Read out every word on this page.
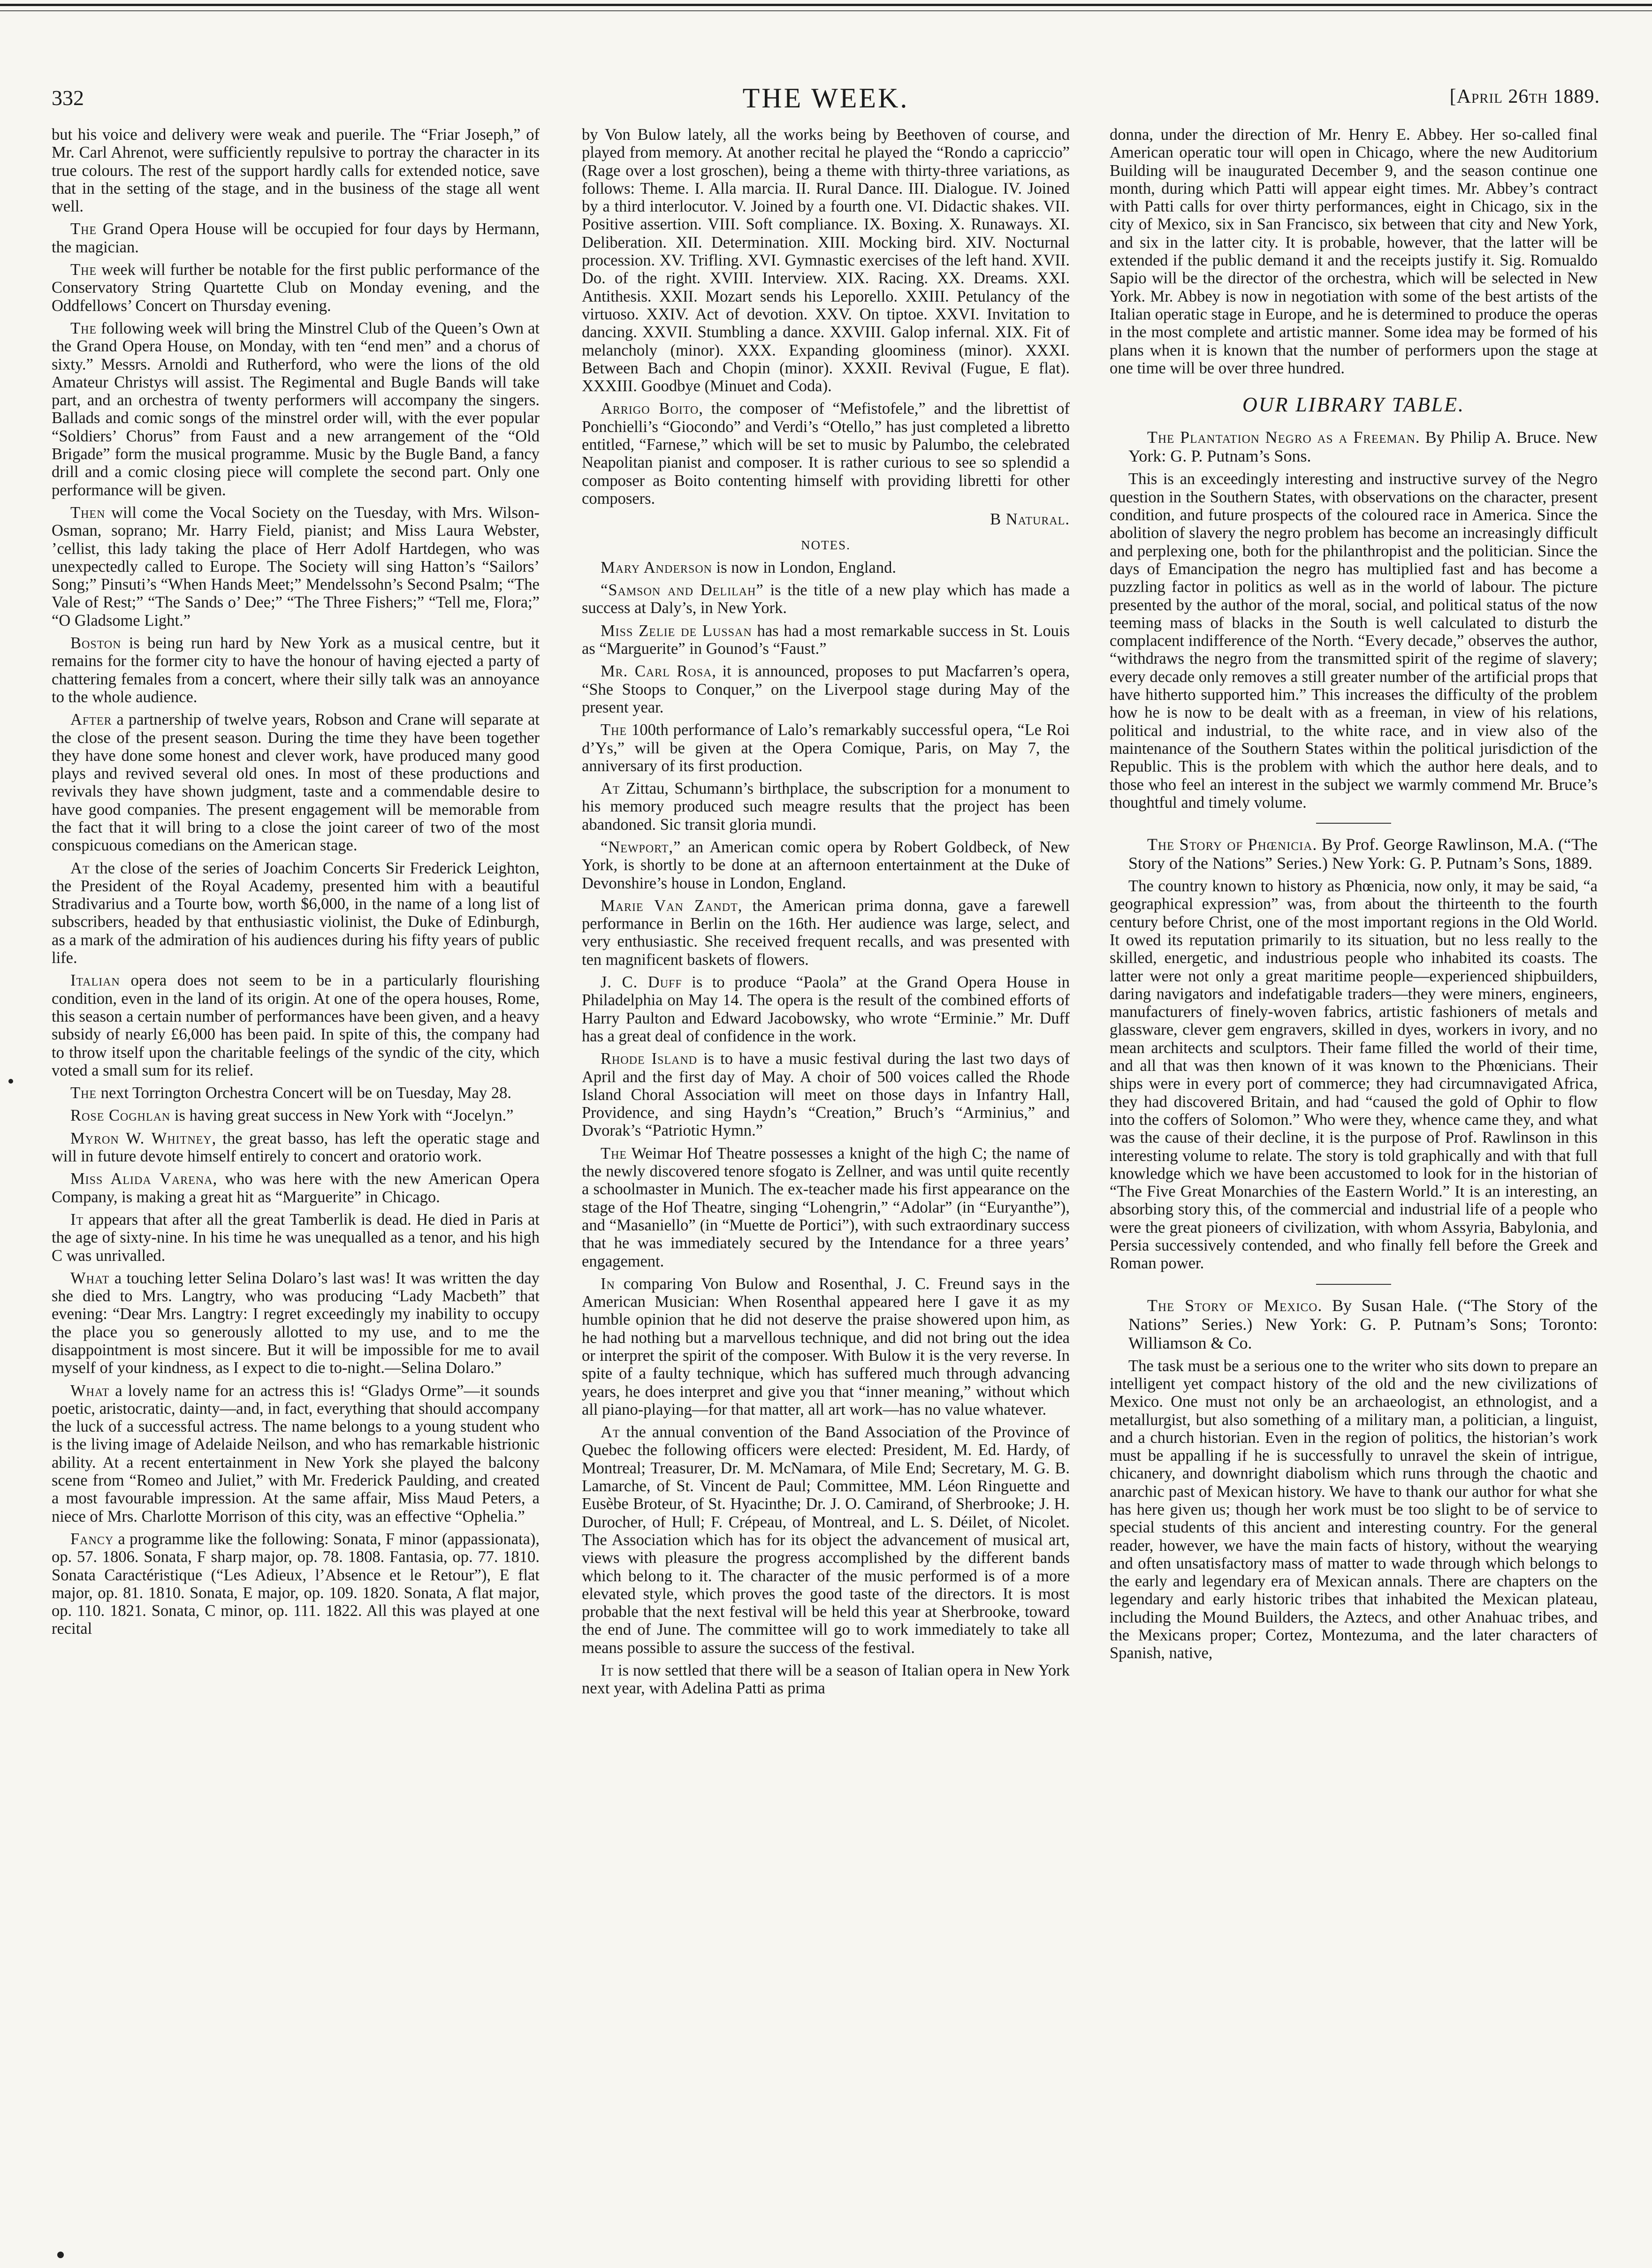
332	THE WEEK.	[April 26th 1889.

but his voice and delivery were weak and puerile. The “Friar Joseph,” of Mr. Carl Ahrenot, were sufficiently repulsive to portray the character in its true colours. The rest of the support hardly calls for extended notice, save that in the setting of the stage, and in the business of the stage all went well.

The Grand Opera House will be occupied for four days by Hermann, the magician.

The week will further be notable for the first public performance of the Conservatory String Quartette Club on Monday evening, and the Oddfellows’ Concert on Thursday evening.

The following week will bring the Minstrel Club of the Queen’s Own at the Grand Opera House, on Monday, with ten “end men” and a chorus of sixty.” Messrs. Arnoldi and Rutherford, who were the lions of the old Amateur Christys will assist. The Regimental and Bugle Bands will take part, and an orchestra of twenty performers will accompany the singers. Ballads and comic songs of the minstrel order will, with the ever popular “Soldiers’ Chorus” from Faust and a new arrangement of the “Old Brigade” form the musical programme. Music by the Bugle Band, a fancy drill and a comic closing piece will complete the second part. Only one performance will be given.

Then will come the Vocal Society on the Tuesday, with Mrs. Wilson-Osman, soprano; Mr. Harry Field, pianist; and Miss Laura Webster, ’cellist, this lady taking the place of Herr Adolf Hartdegen, who was unexpectedly called to Europe. The Society will sing Hatton’s “Sailors’ Song;” Pinsuti’s “When Hands Meet;” Mendelssohn’s Second Psalm; “The Vale of Rest;” “The Sands o’ Dee;” “The Three Fishers;” “Tell me, Flora;” “O Gladsome Light.”

Boston is being run hard by New York as a musical centre, but it remains for the former city to have the honour of having ejected a party of chattering females from a concert, where their silly talk was an annoyance to the whole audience.

After a partnership of twelve years, Robson and Crane will separate at the close of the present season. During the time they have been together they have done some honest and clever work, have produced many good plays and revived several old ones. In most of these productions and revivals they have shown judgment, taste and a commendable desire to have good companies. The present engagement will be memorable from the fact that it will bring to a close the joint career of two of the most conspicuous comedians on the American stage.

At the close of the series of Joachim Concerts Sir Frederick Leighton, the President of the Royal Academy, presented him with a beautiful Stradivarius and a Tourte bow, worth $6,000, in the name of a long list of subscribers, headed by that enthusiastic violinist, the Duke of Edinburgh, as a mark of the admiration of his audiences during his fifty years of public life.

Italian opera does not seem to be in a particularly flourishing condition, even in the land of its origin. At one of the opera houses, Rome, this season a certain number of performances have been given, and a heavy subsidy of nearly £6,000 has been paid. In spite of this, the company had to throw itself upon the charitable feelings of the syndic of the city, which voted a small sum for its relief.

The next Torrington Orchestra Concert will be on Tuesday, May 28.

Rose Coghlan is having great success in New York with “Jocelyn.”

Myron W. Whitney, the great basso, has left the operatic stage and will in future devote himself entirely to concert and oratorio work.

Miss Alida Varena, who was here with the new American Opera Company, is making a great hit as “Marguerite” in Chicago.

It appears that after all the great Tamberlik is dead. He died in Paris at the age of sixty-nine. In his time he was unequalled as a tenor, and his high C was unrivalled.

What a touching letter Selina Dolaro’s last was! It was written the day she died to Mrs. Langtry, who was producing “Lady Macbeth” that evening: “Dear Mrs. Langtry: I regret exceedingly my inability to occupy the place you so generously allotted to my use, and to me the disappointment is most sincere. But it will be impossible for me to avail myself of your kindness, as I expect to die to-night.—Selina Dolaro.”

What a lovely name for an actress this is! “Gladys Orme”—it sounds poetic, aristocratic, dainty—and, in fact, everything that should accompany the luck of a successful actress. The name belongs to a young student who is the living image of Adelaide Neilson, and who has remarkable histrionic ability. At a recent entertainment in New York she played the balcony scene from “Romeo and Juliet,” with Mr. Frederick Paulding, and created a most favourable impression. At the same affair, Miss Maud Peters, a niece of Mrs. Charlotte Morrison of this city, was an effective “Ophelia.”

Fancy a programme like the following: Sonata, F minor (appassionata), op. 57. 1806. Sonata, F sharp major, op. 78. 1808. Fantasia, op. 77. 1810. Sonata Caractéristique (“Les Adieux, l’Absence et le Retour”), E flat major, op. 81. 1810. Sonata, E major, op. 109. 1820. Sonata, A flat major, op. 110. 1821. Sonata, C minor, op. 111. 1822. All this was played at one recital

by Von Bulow lately, all the works being by Beethoven of course, and played from memory. At another recital he played the “Rondo a capriccio” (Rage over a lost groschen), being a theme with thirty-three variations, as follows: Theme. I. Alla marcia. II. Rural Dance. III. Dialogue. IV. Joined by a third interlocutor. V. Joined by a fourth one. VI. Didactic shakes. VII. Positive assertion. VIII. Soft compliance. IX. Boxing. X. Runaways. XI. Deliberation. XII. Determination. XIII. Mocking bird. XIV. Nocturnal procession. XV. Trifling. XVI. Gymnastic exercises of the left hand. XVII. Do. of the right. XVIII. Interview. XIX. Racing. XX. Dreams. XXI. Antithesis. XXII. Mozart sends his Leporello. XXIII. Petulancy of the virtuoso. XXIV. Act of devotion. XXV. On tiptoe. XXVI. Invitation to dancing. XXVII. Stumbling a dance. XXVIII. Galop infernal. XIX. Fit of melancholy (minor). XXX. Expanding gloominess (minor). XXXI. Between Bach and Chopin (minor). XXXII. Revival (Fugue, E flat). XXXIII. Goodbye (Minuet and Coda).

Arrigo Boito, the composer of “Mefistofele,” and the librettist of Ponchielli’s “Giocondo” and Verdi’s “Otello,” has just completed a libretto entitled, “Farnese,” which will be set to music by Palumbo, the celebrated Neapolitan pianist and composer. It is rather curious to see so splendid a composer as Boito contenting himself with providing libretti for other composers.

B Natural.
NOTES.

Mary Anderson is now in London, England.

“Samson and Delilah” is the title of a new play which has made a success at Daly’s, in New York.

Miss Zelie de Lussan has had a most remarkable success in St. Louis as “Marguerite” in Gounod’s “Faust.”

Mr. Carl Rosa, it is announced, proposes to put Macfarren’s opera, “She Stoops to Conquer,” on the Liverpool stage during May of the present year.

The 100th performance of Lalo’s remarkably successful opera, “Le Roi d’Ys,” will be given at the Opera Comique, Paris, on May 7, the anniversary of its first production.

At Zittau, Schumann’s birthplace, the subscription for a monument to his memory produced such meagre results that the project has been abandoned. Sic transit gloria mundi.

“Newport,” an American comic opera by Robert Goldbeck, of New York, is shortly to be done at an afternoon entertainment at the Duke of Devonshire’s house in London, England.

Marie Van Zandt, the American prima donna, gave a farewell performance in Berlin on the 16th. Her audience was large, select, and very enthusiastic. She received frequent recalls, and was presented with ten magnificent baskets of flowers.

J. C. Duff is to produce “Paola” at the Grand Opera House in Philadelphia on May 14. The opera is the result of the combined efforts of Harry Paulton and Edward Jacobowsky, who wrote “Erminie.” Mr. Duff has a great deal of confidence in the work.

Rhode Island is to have a music festival during the last two days of April and the first day of May. A choir of 500 voices called the Rhode Island Choral Association will meet on those days in Infantry Hall, Providence, and sing Haydn’s “Creation,” Bruch’s “Arminius,” and Dvorak’s “Patriotic Hymn.”

The Weimar Hof Theatre possesses a knight of the high C; the name of the newly discovered tenore sfogato is Zellner, and was until quite recently a schoolmaster in Munich. The ex-teacher made his first appearance on the stage of the Hof Theatre, singing “Lohengrin,” “Adolar” (in “Euryanthe”), and “Masaniello” (in “Muette de Portici”), with such extraordinary success that he was immediately secured by the Intendance for a three years’ engagement.

In comparing Von Bulow and Rosenthal, J. C. Freund says in the American Musician: When Rosenthal appeared here I gave it as my humble opinion that he did not deserve the praise showered upon him, as he had nothing but a marvellous technique, and did not bring out the idea or interpret the spirit of the composer. With Bulow it is the very reverse. In spite of a faulty technique, which has suffered much through advancing years, he does interpret and give you that “inner meaning,” without which all piano-playing—for that matter, all art work—has no value whatever.

At the annual convention of the Band Association of the Province of Quebec the following officers were elected: President, M. Ed. Hardy, of Montreal; Treasurer, Dr. M. McNamara, of Mile End; Secretary, M. G. B. Lamarche, of St. Vincent de Paul; Committee, MM. Léon Ringuette and Eusèbe Broteur, of St. Hyacinthe; Dr. J. O. Camirand, of Sherbrooke; J. H. Durocher, of Hull; F. Crépeau, of Montreal, and L. S. Déilet, of Nicolet. The Association which has for its object the advancement of musical art, views with pleasure the progress accomplished by the different bands which belong to it. The character of the music performed is of a more elevated style, which proves the good taste of the directors. It is most probable that the next festival will be held this year at Sherbrooke, toward the end of June. The committee will go to work immediately to take all means possible to assure the success of the festival.

It is now settled that there will be a season of Italian opera in New York next year, with Adelina Patti as prima

donna, under the direction of Mr. Henry E. Abbey. Her so-called final American operatic tour will open in Chicago, where the new Auditorium Building will be inaugurated December 9, and the season continue one month, during which Patti will appear eight times. Mr. Abbey’s contract with Patti calls for over thirty performances, eight in Chicago, six in the city of Mexico, six in San Francisco, six between that city and New York, and six in the latter city. It is probable, however, that the latter will be extended if the public demand it and the receipts justify it. Sig. Romualdo Sapio will be the director of the orchestra, which will be selected in New York. Mr. Abbey is now in negotiation with some of the best artists of the Italian operatic stage in Europe, and he is determined to produce the operas in the most complete and artistic manner. Some idea may be formed of his plans when it is known that the number of performers upon the stage at one time will be over three hundred.

OUR LIBRARY TABLE.

The Plantation Negro as a Freeman. By Philip A. Bruce. New York: G. P. Putnam’s Sons.

This is an exceedingly interesting and instructive survey of the Negro question in the Southern States, with observations on the character, present condition, and future prospects of the coloured race in America. Since the abolition of slavery the negro problem has become an increasingly difficult and perplexing one, both for the philanthropist and the politician. Since the days of Emancipation the negro has multiplied fast and has become a puzzling factor in politics as well as in the world of labour. The picture presented by the author of the moral, social, and political status of the now teeming mass of blacks in the South is well calculated to disturb the complacent indifference of the North. “Every decade,” observes the author, “withdraws the negro from the transmitted spirit of the regime of slavery; every decade only removes a still greater number of the artificial props that have hitherto supported him.” This increases the difficulty of the problem how he is now to be dealt with as a freeman, in view of his relations, political and industrial, to the white race, and in view also of the maintenance of the Southern States within the political jurisdiction of the Republic. This is the problem with which the author here deals, and to those who feel an interest in the subject we warmly commend Mr. Bruce’s thoughtful and timely volume.

The Story of Phœnicia. By Prof. George Rawlinson, M.A. (“The Story of the Nations” Series.) New York: G. P. Putnam’s Sons, 1889.

The country known to history as Phœnicia, now only, it may be said, “a geographical expression” was, from about the thirteenth to the fourth century before Christ, one of the most important regions in the Old World. It owed its reputation primarily to its situation, but no less really to the skilled, energetic, and industrious people who inhabited its coasts. The latter were not only a great maritime people—experienced shipbuilders, daring navigators and indefatigable traders—they were miners, engineers, manufacturers of finely-woven fabrics, artistic fashioners of metals and glassware, clever gem engravers, skilled in dyes, workers in ivory, and no mean architects and sculptors. Their fame filled the world of their time, and all that was then known of it was known to the Phœnicians. Their ships were in every port of commerce; they had circumnavigated Africa, they had discovered Britain, and had “caused the gold of Ophir to flow into the coffers of Solomon.” Who were they, whence came they, and what was the cause of their decline, it is the purpose of Prof. Rawlinson in this interesting volume to relate. The story is told graphically and with that full knowledge which we have been accustomed to look for in the historian of “The Five Great Monarchies of the Eastern World.” It is an interesting, an absorbing story this, of the commercial and industrial life of a people who were the great pioneers of civilization, with whom Assyria, Babylonia, and Persia successively contended, and who finally fell before the Greek and Roman power.

The Story of Mexico. By Susan Hale. (“The Story of the Nations” Series.) New York: G. P. Putnam’s Sons; Toronto: Williamson & Co.

The task must be a serious one to the writer who sits down to prepare an intelligent yet compact history of the old and the new civilizations of Mexico. One must not only be an archaeologist, an ethnologist, and a metallurgist, but also something of a military man, a politician, a linguist, and a church historian. Even in the region of politics, the historian’s work must be appalling if he is successfully to unravel the skein of intrigue, chicanery, and downright diabolism which runs through the chaotic and anarchic past of Mexican history. We have to thank our author for what she has here given us; though her work must be too slight to be of service to special students of this ancient and interesting country. For the general reader, however, we have the main facts of history, without the wearying and often unsatisfactory mass of matter to wade through which belongs to the early and legendary era of Mexican annals. There are chapters on the legendary and early historic tribes that inhabited the Mexican plateau, including the Mound Builders, the Aztecs, and other Anahuac tribes, and the Mexicans proper; Cortez, Montezuma, and the later characters of Spanish, native,
